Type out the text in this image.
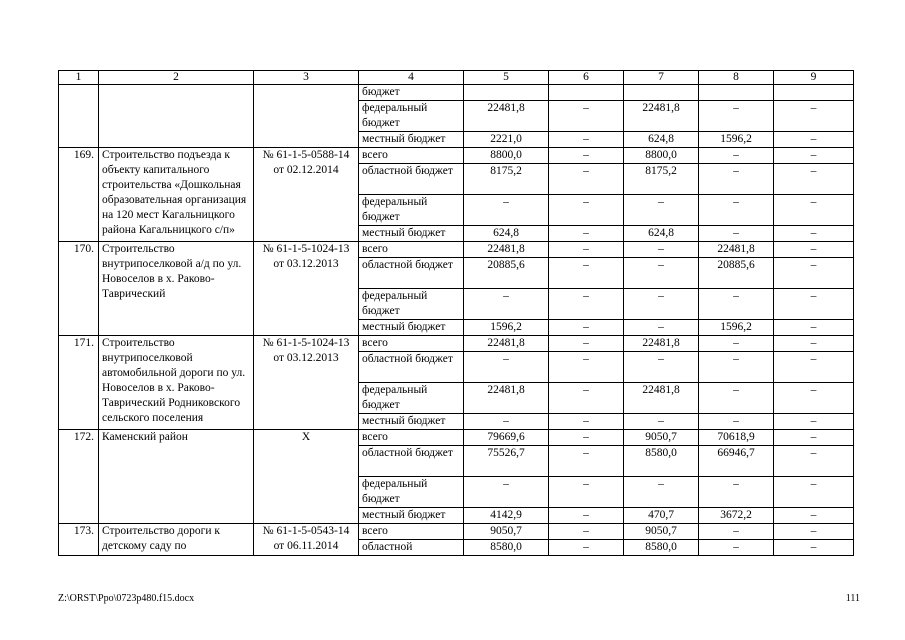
1	2	3	4	5	6	7	8	9
			бюджет					
			федеральный бюджет	22481,8	–	22481,8	–	–
			местный бюджет	2221,0	–	624,8	1596,2	–
169.	Строительство подъезда к объекту капитального строительства «Дошкольная образовательная организация на 120 мест Кагальницкого района Кагальницкого с/п»	№ 61-1-5-0588-14 от 02.12.2014	всего	8800,0	–	8800,0	–	–
			областной бюджет	8175,2	–	8175,2	–	–
			федеральный бюджет	–	–	–	–	–
			местный бюджет	624,8	–	624,8	–	–
170.	Строительство внутрипоселковой а/д по ул. Новоселов в х. Раково-Таврический	№ 61-1-5-1024-13 от 03.12.2013	всего	22481,8	–	–	22481,8	–
			областной бюджет	20885,6	–	–	20885,6	–
			федеральный бюджет	–	–	–	–	–
			местный бюджет	1596,2	–	–	1596,2	–
171.	Строительство внутрипоселковой автомобильной дороги по ул. Новоселов в х. Раково-Таврический Родниковского сельского поселения	№ 61-1-5-1024-13 от 03.12.2013	всего	22481,8	–	22481,8	–	–
			областной бюджет	–	–	–	–	–
			федеральный бюджет	22481,8	–	22481,8	–	–
			местный бюджет	–	–	–	–	–
172.	Каменский район	Х	всего	79669,6	–	9050,7	70618,9	–
			областной бюджет	75526,7	–	8580,0	66946,7	–
			федеральный бюджет	–	–	–	–	–
			местный бюджет	4142,9	–	470,7	3672,2	–
173.	Строительство дороги к детскому саду по	№ 61-1-5-0543-14 от 06.11.2014	всего	9050,7	–	9050,7	–	–
			областной	8580,0	–	8580,0	–	–
Z:\ORST\Ppo\0723p480.f15.docx	111
